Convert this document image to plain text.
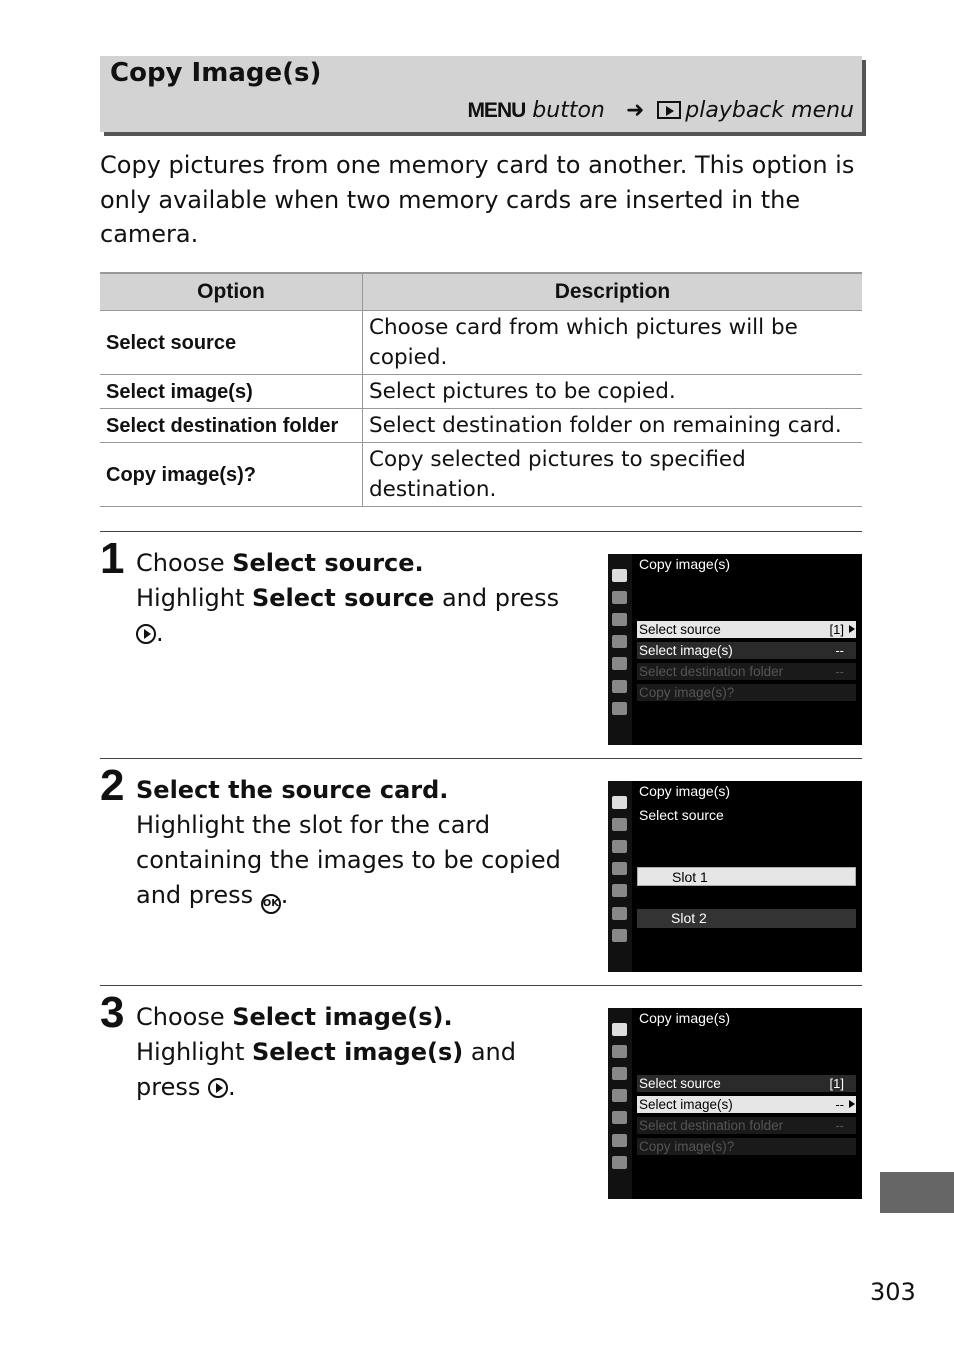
Copy Image(s)
MENU button ➜ playback menu
Copy pictures from one memory card to another. This option is only available when two memory cards are inserted in the camera.
Option	Description
Select source	Choose card from which pictures will be copied.
Select image(s)	Select pictures to be copied.
Select destination folder	Select destination folder on remaining card.
Copy image(s)?	Copy selected pictures to specified destination.
1 Choose Select source.
Highlight Select source and press .
Copy image(s)
Select source	[1]
Select image(s)	--
Select destination folder	--
Copy image(s)?
2 Select the source card.
Highlight the slot for the card containing the images to be copied and press OK.
Copy image(s)
Select source
Slot 1
Slot 2
3 Choose Select image(s).
Highlight Select image(s) and press .
Copy image(s)
Select source	[1]
Select image(s)	--
Select destination folder	--
Copy image(s)?
303
